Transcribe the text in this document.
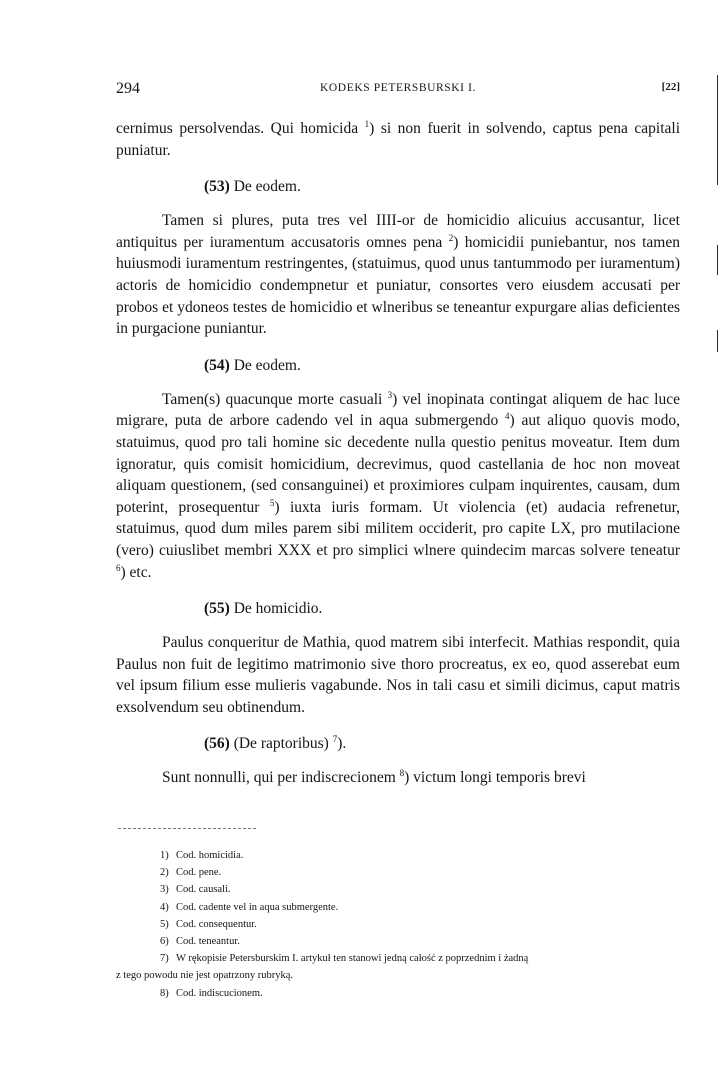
294	KODEKS PETERSBURSKI I.	[22]

cernimus persolvendas. Qui homicida $^1$) si non fuerit in solvendo, captus pena capitali puniatur.

(53) De eodem.

Tamen si plures, puta tres vel IIII-or de homicidio alicuius accusantur, licet antiquitus per iuramentum accusatoris omnes pena $^2$) homicidii puniebantur, nos tamen huiusmodi iuramentum restringentes, (statuimus, quod unus tantummodo per iuramentum) actoris de homicidio condempnetur et puniatur, consortes vero eiusdem accusati per probos et ydoneos testes de homicidio et wlneribus se teneantur expurgare alias deficientes in purgacione puniantur.

(54) De eodem.

Tamen(s) quacunque morte casuali $^3$) vel inopinata contingat aliquem de hac luce migrare, puta de arbore cadendo vel in aqua submergendo $^4$) aut aliquo quovis modo, statuimus, quod pro tali homine sic decedente nulla questio penitus moveatur. Item dum ignoratur, quis comisit homicidium, decrevimus, quod castellania de hoc non moveat aliquam questionem, (sed consanguinei) et proximiores culpam inquirentes, causam, dum poterint, prosequentur $^5$) iuxta iuris formam. Ut violencia (et) audacia refrenetur, statuimus, quod dum miles parem sibi militem occiderit, pro capite LX, pro mutilacione (vero) cuiuslibet membri XXX et pro simplici wlnere quindecim marcas solvere teneatur $^6$) etc.

(55) De homicidio.

Paulus conqueritur de Mathia, quod matrem sibi interfecit. Mathias respondit, quia Paulus non fuit de legitimo matrimonio sive thoro procreatus, ex eo, quod asserebat eum vel ipsum filium esse mulieris vagabunde. Nos in tali casu et simili dicimus, caput matris exsolvendum seu obtinendum.

(56) (De raptoribus) $^7$).

Sunt nonnulli, qui per indiscrecionem $^8$) victum longi temporis brevi

1) Cod. homicidia.
2) Cod. pene.
3) Cod. causali.
4) Cod. cadente vel in aqua submergente.
5) Cod. consequentur.
6) Cod. teneantur.
7) W rękopisie Petersburskim I. artykuł ten stanowi jedną całość z poprzednim i żadną
z tego powodu nie jest opatrzony rubryką.
8) Cod. indiscucionem.
